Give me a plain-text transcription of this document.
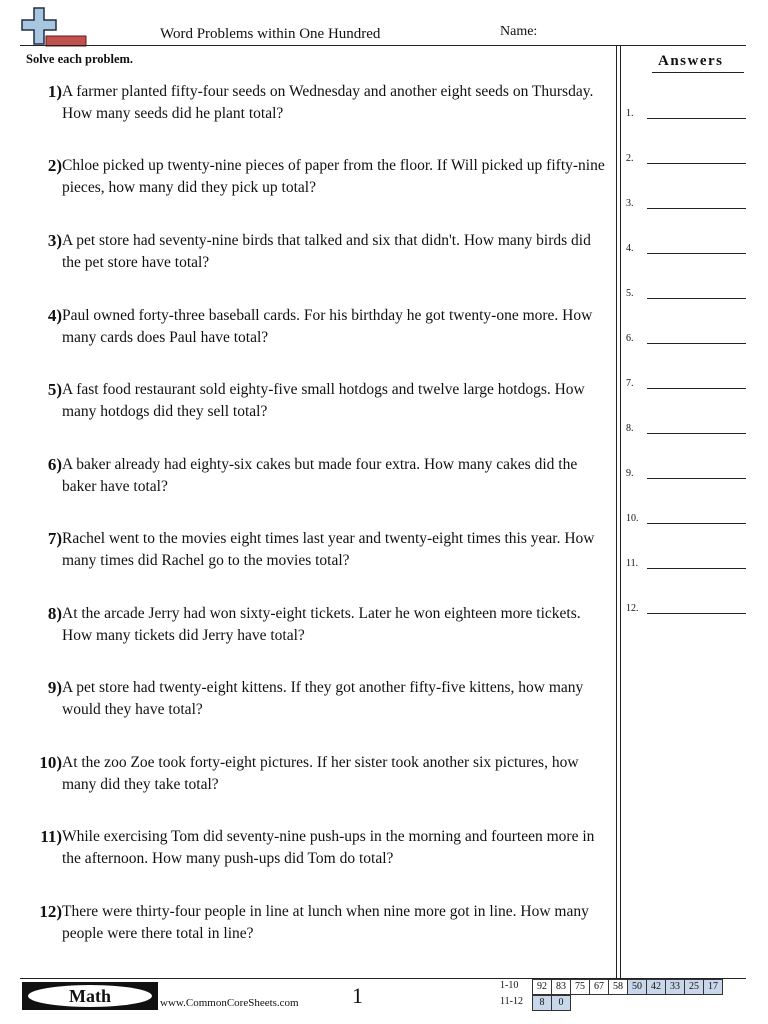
Word Problems within One Hundred	Name:
Solve each problem.
1) A farmer planted fifty-four seeds on Wednesday and another eight seeds on Thursday. How many seeds did he plant total?
2) Chloe picked up twenty-nine pieces of paper from the floor. If Will picked up fifty-nine pieces, how many did they pick up total?
3) A pet store had seventy-nine birds that talked and six that didn't. How many birds did the pet store have total?
4) Paul owned forty-three baseball cards. For his birthday he got twenty-one more. How many cards does Paul have total?
5) A fast food restaurant sold eighty-five small hotdogs and twelve large hotdogs. How many hotdogs did they sell total?
6) A baker already had eighty-six cakes but made four extra. How many cakes did the baker have total?
7) Rachel went to the movies eight times last year and twenty-eight times this year. How many times did Rachel go to the movies total?
8) At the arcade Jerry had won sixty-eight tickets. Later he won eighteen more tickets. How many tickets did Jerry have total?
9) A pet store had twenty-eight kittens. If they got another fifty-five kittens, how many would they have total?
10) At the zoo Zoe took forty-eight pictures. If her sister took another six pictures, how many did they take total?
11) While exercising Tom did seventy-nine push-ups in the morning and fourteen more in the afternoon. How many push-ups did Tom do total?
12) There were thirty-four people in line at lunch when nine more got in line. How many people were there total in line?
Answers
1.
2.
3.
4.
5.
6.
7.
8.
9.
10.
11.
12.
Math	www.CommonCoreSheets.com 1	1-10	92 83 75 67 58 50 42 33 25 17
11-12	8	0
